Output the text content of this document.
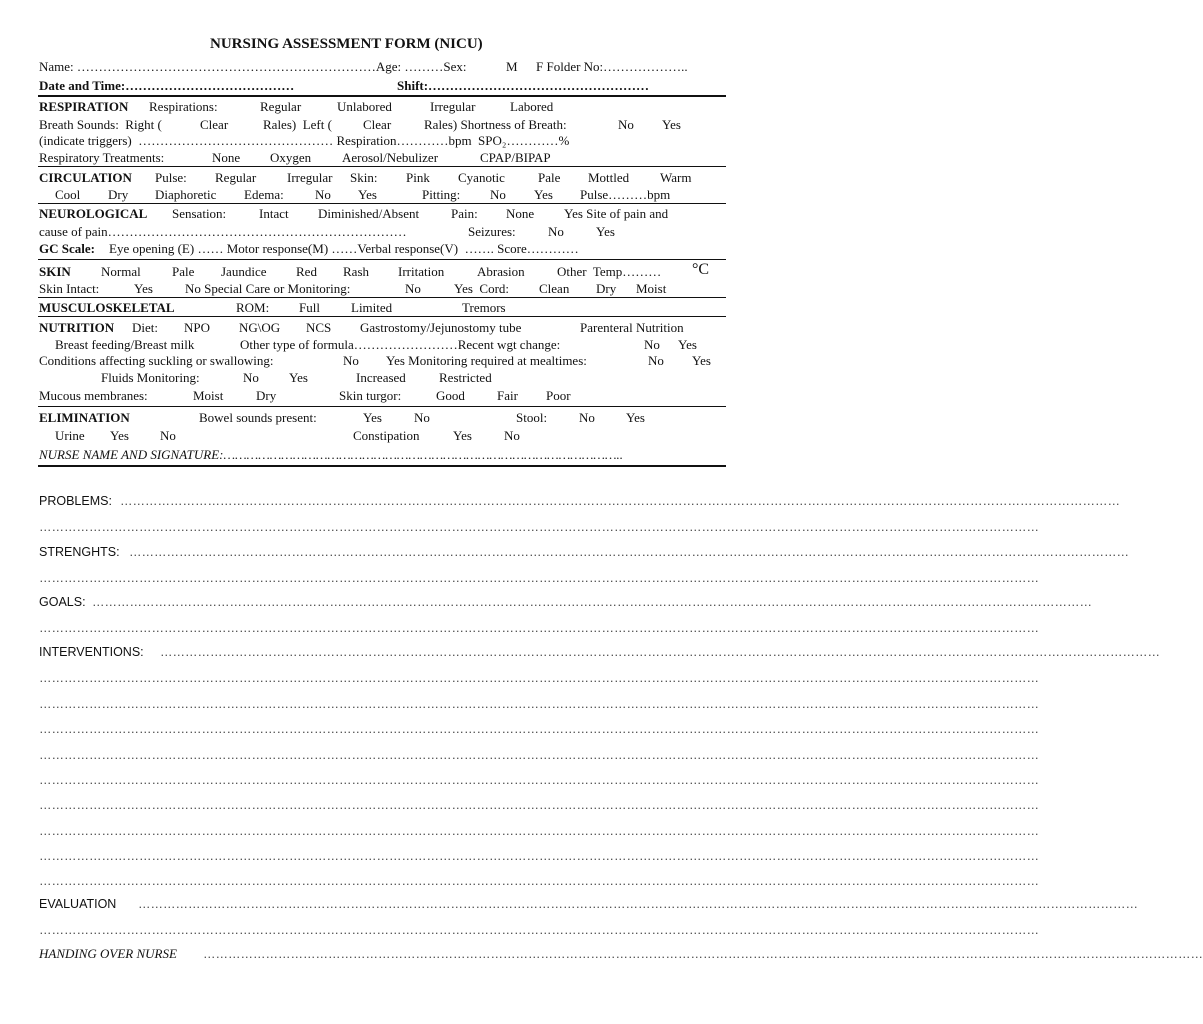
NURSING ASSESSMENT FORM (NICU)
Name: ……………………………………………………………Age: ………Sex:	M F Folder No:………………..
Date and Time:…………………………………	Shift:……………………………………………
RESPIRATION Respirations:	Regular	Unlabored	Irregular	Labored
Breath Sounds:  Right (	Clear	Rales)  Left ( Clear	Rales) Shortness of Breath:	No Yes
(indicate triggers)  ……………………………………… Respiration…………bpm  SPO₂…………%
Respiratory Treatments:	None Oxygen Aerosol/Nebulizer	CPAP/BIPAP
CIRCULATION Pulse: Regular Irregular Skin: Pink Cyanotic	Pale Mottled Warm
Cool Dry Diaphoretic Edema: No Yes	Pitting: No Yes Pulse………bpm
NEUROLOGICAL Sensation:	Intact Diminished/Absent Pain: None Yes Site of pain and
cause of pain……………………………………………………………	Seizures: No Yes
GC Scale: Eye opening (E) …… Motor response(M) ……Verbal response(V)  ……. Score…………
SKIN Normal Pale Jaundice Red Rash Irritation	Abrasion Other  Temp……… °C
Skin Intact:	Yes No Special Care or Monitoring:	No	Yes  Cord: Clean Dry Moist
MUSCULOSKELETAL	ROM: Full Limited	Tremors
NUTRITION Diet: NPO NG\OG NCS Gastrostomy/Jejunostomy tube	Parenteral Nutrition
Breast feeding/Breast milk	Other type of formula……………………Recent wgt change:	No Yes
Conditions affecting suckling or swallowing:	No Yes Monitoring required at mealtimes:	No Yes
Fluids Monitoring:	No Yes	Increased	Restricted
Mucous membranes:	Moist	Dry	Skin turgor:	Good Fair Poor
ELIMINATION	Bowel sounds present:	Yes No	Stool: No Yes
Urine Yes No	Constipation	Yes No
NURSE NAME AND SIGNATURE:…………………………………………………………………………………………..
PROBLEMS: ……………………………………………………………………………………………………………………………………………………………………………………………………………………
……………………………………………………………………………………………………………………………………………………………………………………………………………………
STRENGHTS: ……………………………………………………………………………………………………………………………………………………………………………………………………………………
……………………………………………………………………………………………………………………………………………………………………………………………………………………
GOALS: ……………………………………………………………………………………………………………………………………………………………………………………………………………………
……………………………………………………………………………………………………………………………………………………………………………………………………………………
INTERVENTIONS: ……………………………………………………………………………………………………………………………………………………………………………………………………………………
……………………………………………………………………………………………………………………………………………………………………………………………………………………
……………………………………………………………………………………………………………………………………………………………………………………………………………………
……………………………………………………………………………………………………………………………………………………………………………………………………………………
……………………………………………………………………………………………………………………………………………………………………………………………………………………
……………………………………………………………………………………………………………………………………………………………………………………………………………………
……………………………………………………………………………………………………………………………………………………………………………………………………………………
……………………………………………………………………………………………………………………………………………………………………………………………………………………
……………………………………………………………………………………………………………………………………………………………………………………………………………………
……………………………………………………………………………………………………………………………………………………………………………………………………………………
EVALUATION ……………………………………………………………………………………………………………………………………………………………………………………………………………………
……………………………………………………………………………………………………………………………………………………………………………………………………………………
HANDING OVER NURSE ……………………………………………………………………………………………………………………………………………………………………………………………………………………
